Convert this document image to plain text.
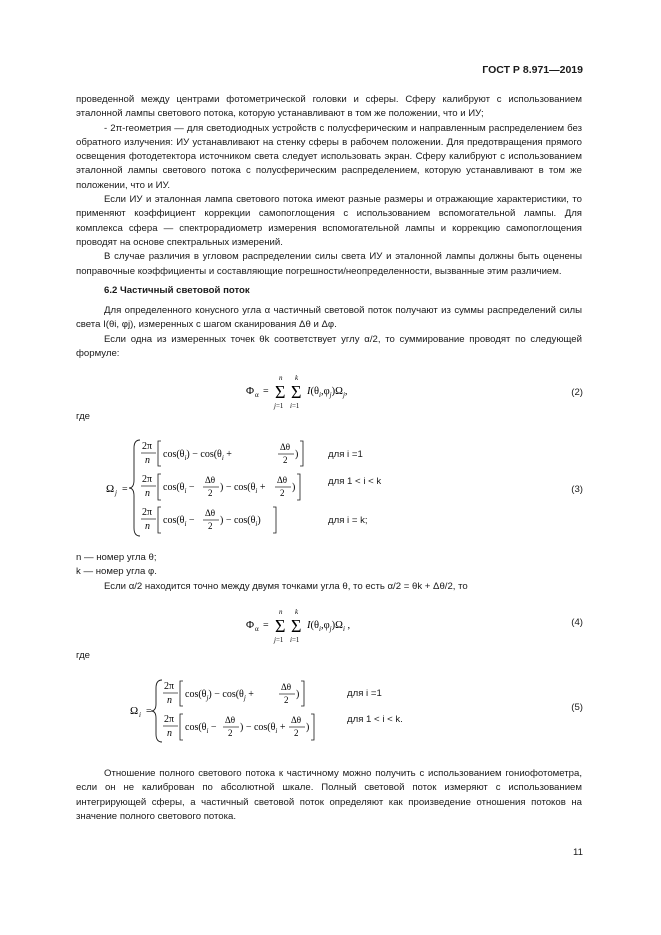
ГОСТ Р 8.971—2019

проведенной между центрами фотометрической головки и сферы. Сферу калибруют с использованием эталонной лампы светового потока, которую устанавливают в том же положении, что и ИУ;

- 2π-геометрия — для светодиодных устройств с полусферическим и направленным распределением без обратного излучения: ИУ устанавливают на стенку сферы в рабочем положении. Для предотвращения прямого освещения фотодетектора источником света следует использовать экран. Сферу калибруют с использованием эталонной лампы светового потока с полусферическим распределением, которую устанавливают в том же положении, что и ИУ.

Если ИУ и эталонная лампа светового потока имеют разные размеры и отражающие характеристики, то применяют коэффициент коррекции самопоглощения с использованием вспомогательной лампы. Для комплекса сфера — спектрорадиометр измерения вспомогательной лампы и коррекцию самопоглощения проводят на основе спектральных измерений.

В случае различия в угловом распределении силы света ИУ и эталонной лампы должны быть оценены поправочные коэффициенты и составляющие погрешности/неопределенности, вызванные этим различием.

6.2 Частичный световой поток

Для определенного конусного угла α частичный световой поток получают из суммы распределений силы света I(θi, φj), измеренных с шагом сканирования Δθ и Δφ.

Если одна из измеренных точек θk соответствует углу α/2, то суммирование проводят по следующей формуле:

Φ α = Σ
n
j=1
Σ
k
i=1
$I(\theta_i,\varphi_j)\Omega_j$,	(2)
где
Ω j =
2π
n
$\cos(\theta_i) - \cos(\theta_i$ +
Δθ
2 )
2π
n
$\cos(\theta_i$ −
Δθ
2 ) − $\cos(\theta_i$ +
Δθ
2 )
2π
n
$\cos(\theta_i$ −
Δθ
2 ) − $\cos(\theta_i)$
для i =1
для 1 < i < k
для i = k;
(3)

n — номер угла θ;

k — номер угла φ.

Если α/2 находится точно между двумя точками угла θ, то есть α/2 = θk + Δθ/2, то

Φ α = Σ
n
j=1
Σ
k
i=1
$I(\theta_i,\varphi_j)\Omega_i$ ,	(4)
где
Ω i =
2π
n
$\cos(\theta_j) - \cos(\theta_j$ +
Δθ
2 )
2π
n
$\cos(\theta_i$ −
Δθ
2 ) − $\cos(\theta_i$ +
Δθ
2 )
для i =1
для 1 < i < k.
(5)

Отношение полного светового потока к частичному можно получить с использованием гониофотометра, если он не калиброван по абсолютной шкале. Полный световой поток измеряют с использованием интегрирующей сферы, а частичный световой поток определяют как произведение отношения потоков на значение полного светового потока.

11
